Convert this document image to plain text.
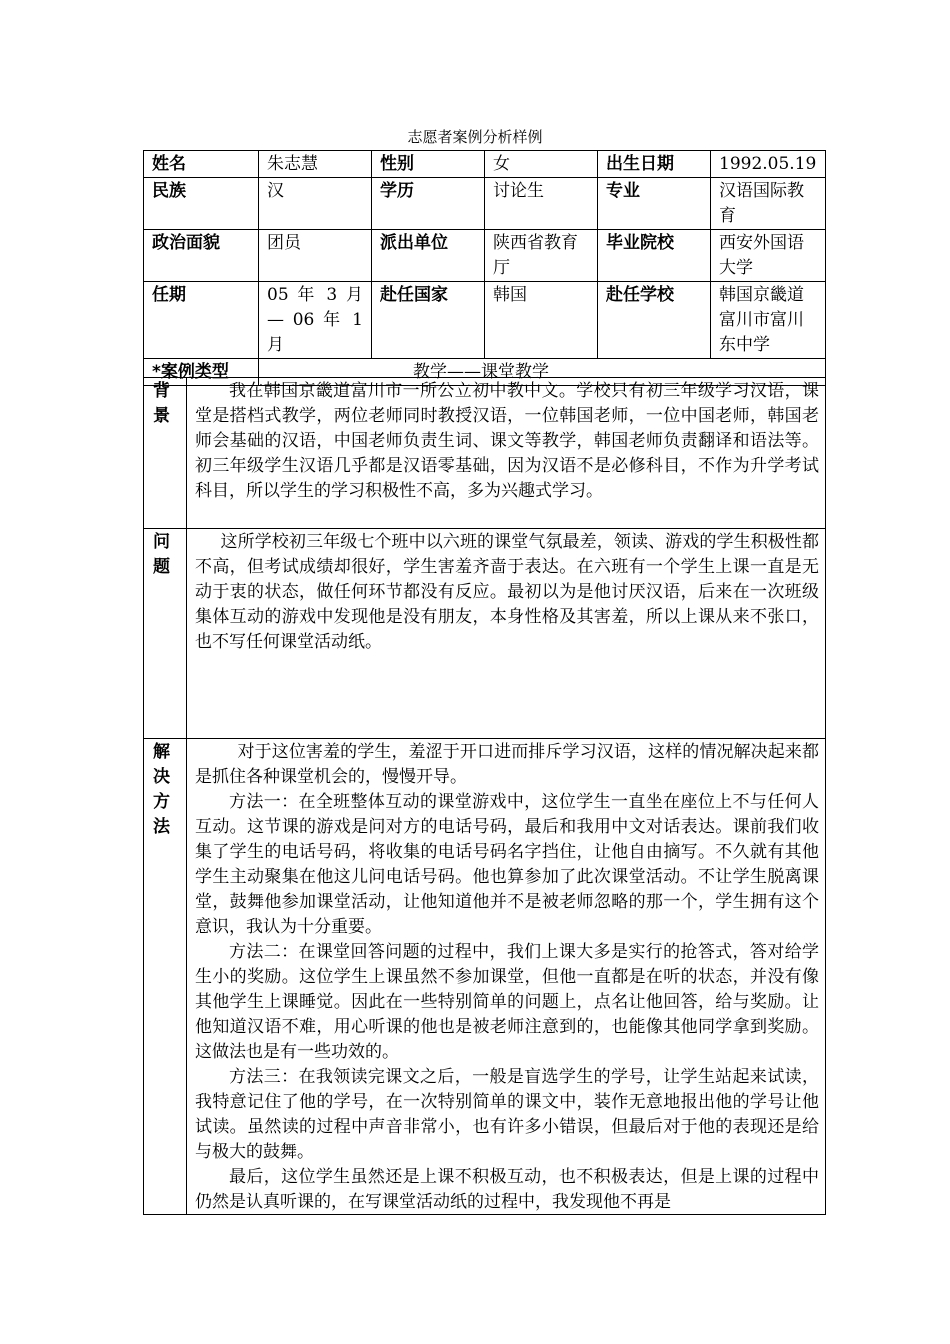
志愿者案例分析样例
姓名	朱志慧	性别	女	出生日期	1992.05.19
民族	汉	学历	讨论生	专业	汉语国际教育
政治面貌	团员	派出单位	陕西省教育厅	毕业院校	西安外国语大学
任期	05 年 3 月 — 06 年 1 月	赴任国家	韩国	赴任学校	韩国京畿道富川市富川东中学
*案例类型	教学——课堂教学				
背景	我在韩国京畿道富川市一所公立初中教中文。学校只有初三年级学习汉语，课堂是搭档式教学，两位老师同时教授汉语，一位韩国老师，一位中国老师，韩国老师会基础的汉语，中国老师负责生词、课文等教学，韩国老师负责翻译和语法等。初三年级学生汉语几乎都是汉语零基础，因为汉语不是必修科目，不作为升学考试科目，所以学生的学习积极性不高，多为兴趣式学习。

问题	这所学校初三年级七个班中以六班的课堂气氛最差，领读、游戏的学生积极性都不高，但考试成绩却很好，学生害羞齐啬于表达。在六班有一个学生上课一直是无动于衷的状态，做任何环节都没有反应。最初以为是他讨厌汉语，后来在一次班级集体互动的游戏中发现他是没有朋友，本身性格及其害羞，所以上课从来不张口，也不写任何课堂活动纸。

解决方法	对于这位害羞的学生，羞涩于开口进而排斥学习汉语，这样的情况解决起来都是抓住各种课堂机会的，慢慢开导。

方法一：在全班整体互动的课堂游戏中，这位学生一直坐在座位上不与任何人互动。这节课的游戏是问对方的电话号码，最后和我用中文对话表达。课前我们收集了学生的电话号码，将收集的电话号码名字挡住，让他自由摘写。不久就有其他学生主动聚集在他这儿问电话号码。他也算参加了此次课堂活动。不让学生脱离课堂，鼓舞他参加课堂活动，让他知道他并不是被老师忽略的那一个，学生拥有这个意识，我认为十分重要。

方法二：在课堂回答问题的过程中，我们上课大多是实行的抢答式，答对给学生小的奖励。这位学生上课虽然不参加课堂，但他一直都是在听的状态，并没有像其他学生上课睡觉。因此在一些特别简单的问题上，点名让他回答，给与奖励。让他知道汉语不难，用心听课的他也是被老师注意到的，也能像其他同学拿到奖励。这做法也是有一些功效的。

方法三：在我领读完课文之后，一般是盲选学生的学号，让学生站起来试读，我特意记住了他的学号，在一次特别简单的课文中，装作无意地报出他的学号让他试读。虽然读的过程中声音非常小，也有许多小错误，但最后对于他的表现还是给与极大的鼓舞。

最后，这位学生虽然还是上课不积极互动，也不积极表达，但是上课的过程中仍然是认真听课的，在写课堂活动纸的过程中，我发现他不再是
